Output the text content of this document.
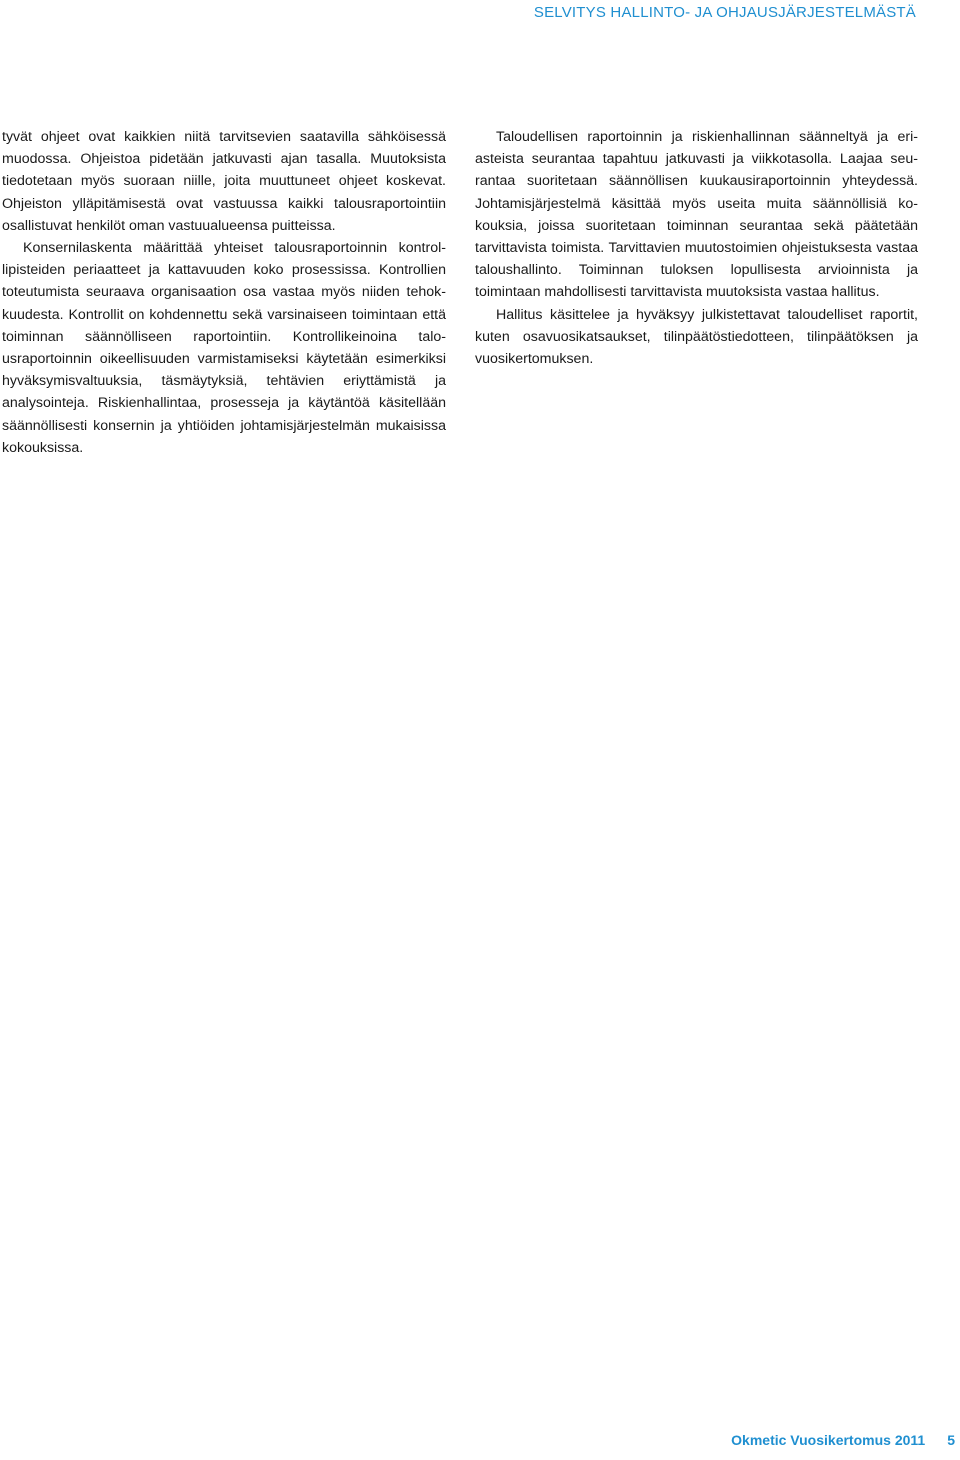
SELVITYS HALLINTO- JA OHJAUSJÄRJESTELMÄSTÄ

tyvät ohjeet ovat kaikkien niitä tarvitsevien saatavilla sähköisessä muodossa. Ohjeistoa pidetään jatkuvasti ajan tasalla. Muutoksista tiedotetaan myös suoraan niille, joita muuttuneet ohjeet koskevat. Ohjeiston ylläpitämisestä ovat vastuussa kaikki talousraportointiin osallistuvat henkilöt oman vastuualueensa puitteissa.

Konsernilaskenta määrittää yhteiset talousraportoinnin kontrollipisteiden periaatteet ja kattavuuden koko prosessissa. Kontrollien toteutumista seuraava organisaation osa vastaa myös niiden tehokkuudesta. Kontrollit on kohdennettu sekä varsinaiseen toimintaan että toiminnan säännölliseen raportointiin. Kontrollikeinoina talousraportoinnin oikeellisuuden varmistamiseksi käytetään esimerkiksi hyväksymisvaltuuksia, täsmäytyksiä, tehtävien eriyttämistä ja analysointeja. Riskienhallintaa, prosesseja ja käytäntöä käsitellään säännöllisesti konsernin ja yhtiöiden johtamisjärjestelmän mukaisissa kokouksissa.

Taloudellisen raportoinnin ja riskienhallinnan säänneltyä ja eriasteista seurantaa tapahtuu jatkuvasti ja viikkotasolla. Laajaa seurantaa suoritetaan säännöllisen kuukausiraportoinnin yhteydessä. Johtamisjärjestelmä käsittää myös useita muita säännöllisiä kokouksia, joissa suoritetaan toiminnan seurantaa sekä päätetään tarvittavista toimista. Tarvittavien muutostoimien ohjeistuksesta vastaa taloushallinto. Toiminnan tuloksen lopullisesta arvioinnista ja toimintaan mahdollisesti tarvittavista muutoksista vastaa hallitus.

Hallitus käsittelee ja hyväksyy julkistettavat taloudelliset raportit, kuten osavuosikatsaukset, tilinpäätöstiedotteen, tilinpäätöksen ja vuosikertomuksen.

Okmetic Vuosikertomus 2011 5
